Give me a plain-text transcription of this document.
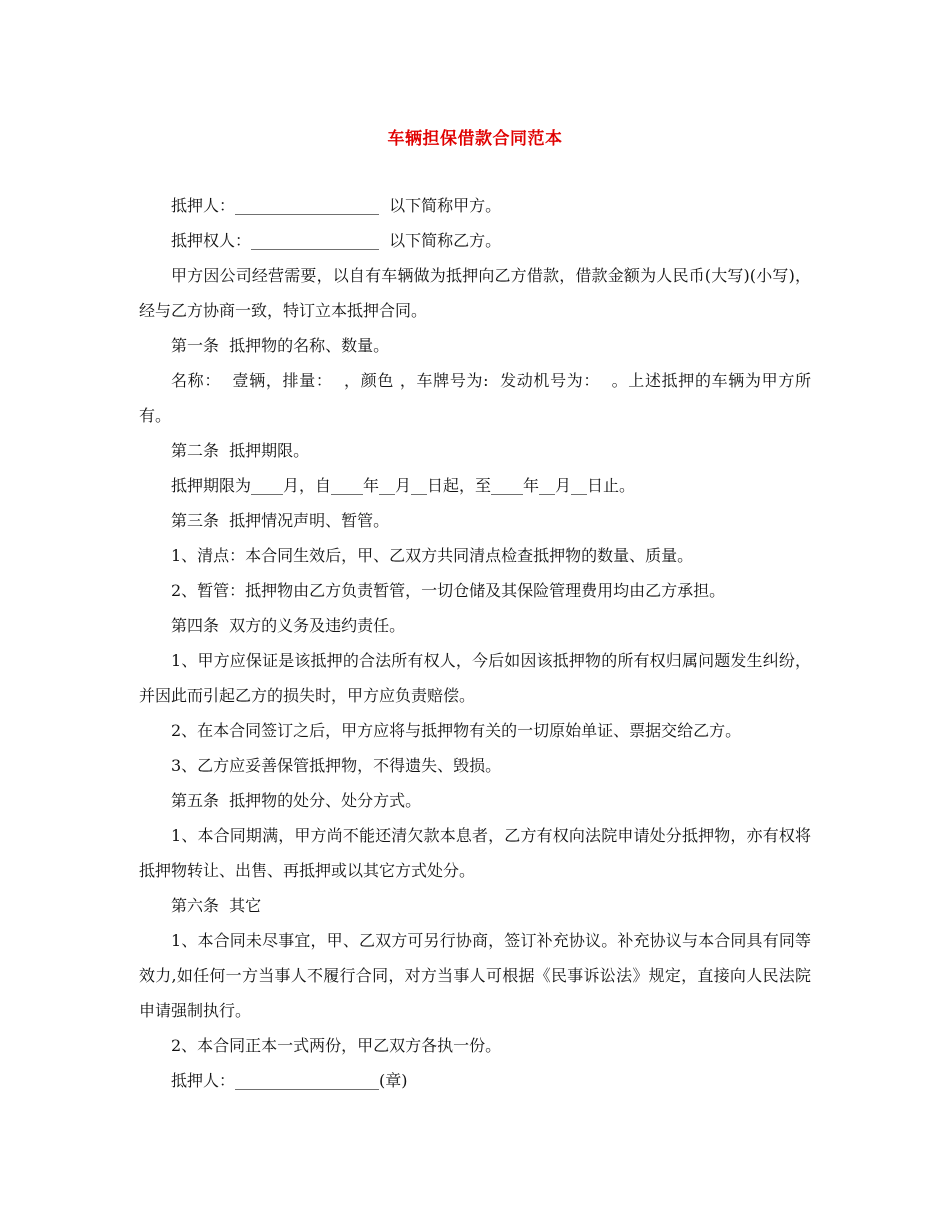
车辆担保借款合同范本

抵押人：__________________  以下简称甲方。

抵押权人：________________  以下简称乙方。

甲方因公司经营需要，以自有车辆做为抵押向乙方借款，借款金额为人民币(大写)(小写)，经与乙方协商一致，特订立本抵押合同。

第一条  抵押物的名称、数量。

名称：  壹辆，排量：  ，颜色 ，车牌号为:  发动机号为：  。上述抵押的车辆为甲方所有。

第二条  抵押期限。

抵押期限为____月，自____年__月__日起，至____年__月__日止。

第三条  抵押情况声明、暂管。

1、清点：本合同生效后，甲、乙双方共同清点检查抵押物的数量、质量。

2、暂管：抵押物由乙方负责暂管，一切仓储及其保险管理费用均由乙方承担。

第四条  双方的义务及违约责任。

1、甲方应保证是该抵押的合法所有权人，今后如因该抵押物的所有权归属问题发生纠纷，并因此而引起乙方的损失时，甲方应负责赔偿。

2、在本合同签订之后，甲方应将与抵押物有关的一切原始单证、票据交给乙方。

3、乙方应妥善保管抵押物，不得遗失、毁损。

第五条  抵押物的处分、处分方式。

1、本合同期满，甲方尚不能还清欠款本息者，乙方有权向法院申请处分抵押物，亦有权将抵押物转让、出售、再抵押或以其它方式处分。

第六条  其它

1、本合同未尽事宜，甲、乙双方可另行协商，签订补充协议。补充协议与本合同具有同等效力,如任何一方当事人不履行合同，对方当事人可根据《民事诉讼法》规定，直接向人民法院申请强制执行。

2、本合同正本一式两份，甲乙双方各执一份。

抵押人：__________________(章)
